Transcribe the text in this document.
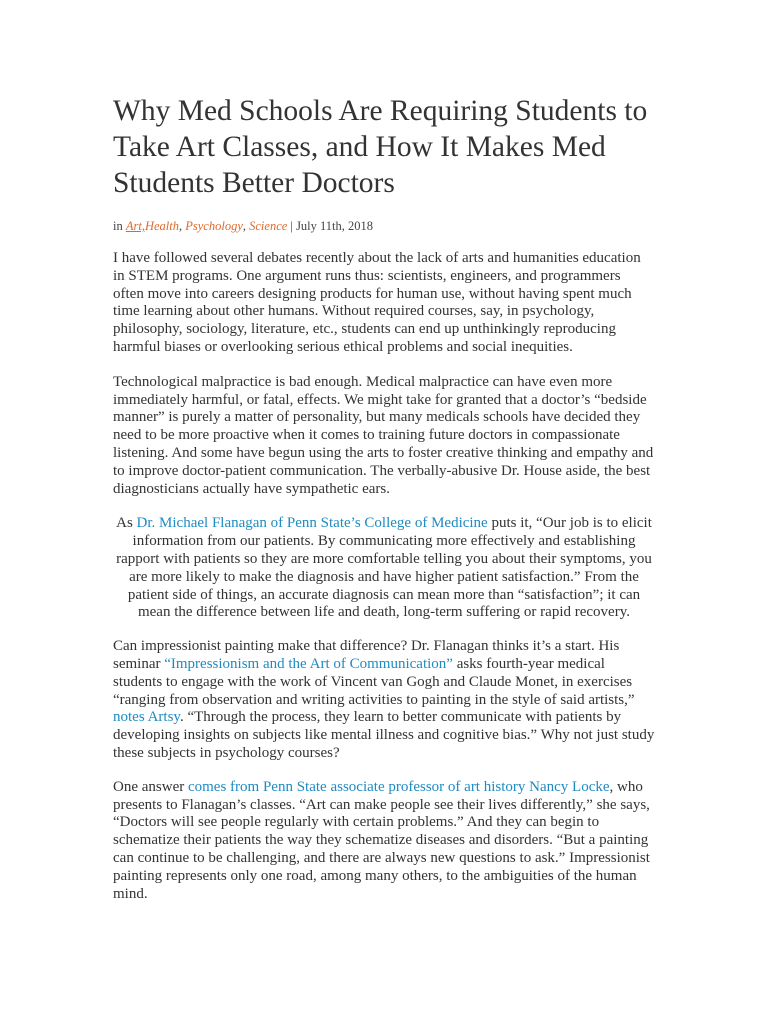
Why Med Schools Are Requiring Students to Take Art Classes, and How It Makes Med Students Better Doctors
in Art,Health, Psychology, Science | July 11th, 2018

I have followed several debates recently about the lack of arts and humanities education in STEM programs. One argument runs thus: scientists, engineers, and programmers often move into careers designing products for human use, without having spent much time learning about other humans. Without required courses, say, in psychology, philosophy, sociology, literature, etc., students can end up unthinkingly reproducing harmful biases or overlooking serious ethical problems and social inequities.

Technological malpractice is bad enough. Medical malpractice can have even more immediately harmful, or fatal, effects. We might take for granted that a doctor’s “bedside manner” is purely a matter of personality, but many medicals schools have decided they need to be more proactive when it comes to training future doctors in compassionate listening. And some have begun using the arts to foster creative thinking and empathy and to improve doctor-patient communication. The verbally-abusive Dr. House aside, the best diagnosticians actually have sympathetic ears.

As Dr. Michael Flanagan of Penn State’s College of Medicine puts it, “Our job is to elicit information from our patients. By communicating more effectively and establishing rapport with patients so they are more comfortable telling you about their symptoms, you are more likely to make the diagnosis and have higher patient satisfaction.” From the patient side of things, an accurate diagnosis can mean more than “satisfaction”; it can mean the difference between life and death, long-term suffering or rapid recovery.

Can impressionist painting make that difference? Dr. Flanagan thinks it’s a start. His seminar “Impressionism and the Art of Communication” asks fourth-year medical students to engage with the work of Vincent van Gogh and Claude Monet, in exercises “ranging from observation and writing activities to painting in the style of said artists,” notes Artsy. “Through the process, they learn to better communicate with patients by developing insights on subjects like mental illness and cognitive bias.” Why not just study these subjects in psychology courses?

One answer comes from Penn State associate professor of art history Nancy Locke, who presents to Flanagan’s classes. “Art can make people see their lives differently,” she says, “Doctors will see people regularly with certain problems.” And they can begin to schematize their patients the way they schematize diseases and disorders. “But a painting can continue to be challenging, and there are always new questions to ask.” Impressionist painting represents only one road, among many others, to the ambiguities of the human mind.
